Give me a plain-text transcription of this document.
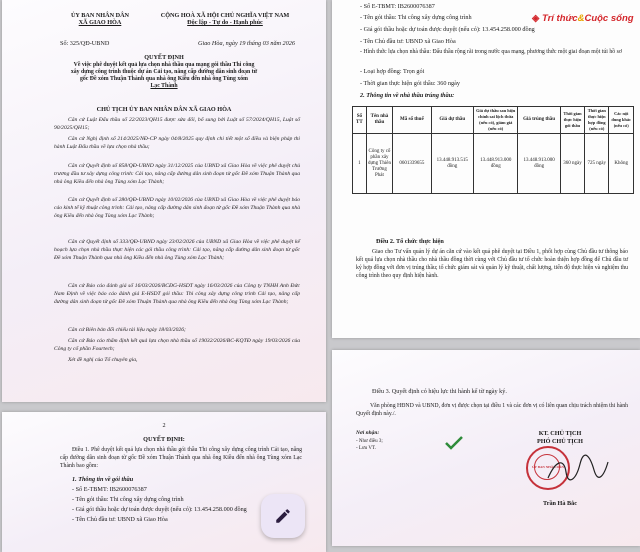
ỦY BAN NHÂN DÂN
XÃ GIAO HÒA
CỘNG HOÀ XÃ HỘI CHỦ NGHĨA VIỆT NAM
Độc lập - Tự do - Hạnh phúc
Số: 325/QĐ-UBND	Giao Hòa, ngày 19 tháng 03 năm 2026
QUYẾT ĐỊNH
Về việc phê duyệt kết quả lựa chọn nhà thầu qua mạng gói thầu Thi công
xây dựng công trình thuộc dự án Cải tạo, nâng cấp đường dân sinh đoạn từ
gốc Đề xóm Thuận Thành qua nhà ông Kiều đến nhà ông Tùng xóm
Lạc Thành
CHỦ TỊCH ỦY BAN NHÂN DÂN XÃ GIAO HÒA
Căn cứ Luật Đấu thầu số 22/2023/QH15 được sửa đổi, bổ sung bởi Luật số 57/2024/QH15, Luật số 90/2025/QH15;
Căn cứ Nghị định số 214/2025/NĐ-CP ngày 04/8/2025 quy định chi tiết một số điều và biện pháp thi hành Luật Đấu thầu về lựa chọn nhà thầu;
Căn cứ Quyết định số 858/QĐ-UBND ngày 31/12/2025 của UBND xã Giao Hòa về việc phê duyệt chủ trương đầu tư xây dựng công trình: Cải tạo, nâng cấp đường dân sinh đoạn từ gốc Đề xóm Thuận Thành qua nhà ông Kiều đến nhà ông Tùng xóm Lạc Thành;
Căn cứ Quyết định số 280/QĐ-UBND ngày 10/02/2026 của UBND xã Giao Hòa về việc phê duyệt báo cáo kinh tế kỹ thuật công trình: Cải tạo, nâng cấp đường dân sinh đoạn từ gốc Đề xóm Thuận Thành qua nhà ông Kiều đến nhà ông Tùng xóm Lạc Thành;
Căn cứ Quyết định số 333/QĐ-UBND ngày 23/02/2026 của UBND xã Giao Hòa về việc phê duyệt kế hoạch lựa chọn nhà thầu thực hiện các gói thầu công trình: Cải tạo, nâng cấp đường dân sinh đoạn từ gốc Đề xóm Thuận Thành qua nhà ông Kiều đến nhà ông Tùng xóm Lạc Thành;
Căn cứ Báo cáo đánh giá số 16/03/2026/BCĐG-HSDT ngày 16/03/2026 của Công ty TNHH Anh Đức Nam Định về việc báo cáo đánh giá E-HSDT gói thầu: Thi công xây dựng công trình Cải tạo, nâng cấp đường dân sinh đoạn từ gốc Đề xóm Thuận Thành qua nhà ông Kiều đến nhà ông Tùng xóm Lạc Thành;
Căn cứ Biên bản đối chiếu tài liệu ngày 18/03/2026;
Căn cứ Báo cáo thẩm định kết quả lựa chọn nhà thầu số 19032/2026/BC-KQTĐ ngày 19/03/2026 của Công ty cổ phần Fourtech;
Xét đề nghị của Tổ chuyên gia,
2
QUYẾT ĐỊNH:
Điều 1. Phê duyệt kết quả lựa chọn nhà thầu gói thầu Thi công xây dựng công trình Cải tạo, nâng cấp đường dân sinh đoạn từ gốc Đề xóm Thuận Thành qua nhà ông Kiều đến nhà ông Tùng xóm Lạc Thành bao gồm:
1. Thông tin về gói thầu
- Số E-TBMT: IB2600076387
- Tên gói thầu: Thi công xây dựng công trình
- Giá gói thầu hoặc dự toán được duyệt (nếu có): 13.454.258.000 đồng
- Tên Chủ đầu tư: UBND xã Giao Hòa
- Số E-TBMT: IB2600076387
- Tên gói thầu: Thi công xây dựng công trình
- Giá gói thầu hoặc dự toán được duyệt (nếu có): 13.454.258.000 đồng
- Tên Chủ đầu tư: UBND xã Giao Hòa
- Hình thức lựa chọn nhà thầu: Đấu thầu rộng rãi trong nước qua mạng, phương thức một giai đoạn một túi hồ sơ
- Loại hợp đồng: Trọn gói
- Thời gian thực hiện gói thầu: 360 ngày
2. Thông tin về nhà thầu trúng thầu:
Số TT	Tên nhà thầu	Mã số thuế	Giá dự thầu	Giá dự thầu sau hiệu chỉnh sai lệch thừa (nếu có), giảm giá (nếu có)	Giá trúng thầu	Thời gian thực hiện gói thầu	Thời gian thực hiện hợp đồng (nếu có)	Các nội dung khác (nếu có)
1	Công ty cổ phần xây dựng Thiên Trường Phát	0601339655	13.448.913.515 đồng	13.448.913.000 đồng	13.448.913.000 đồng	360 ngày	725 ngày	Không
Điều 2. Tổ chức thực hiện
Giao cho Tư vấn quản lý dự án căn cứ vào kết quả phê duyệt tại Điều 1, phối hợp cùng Chủ đầu tư thông báo kết quả lựa chọn nhà thầu cho nhà thầu đồng thời cùng với Chủ đầu tư tổ chức hoàn thiện hợp đồng để Chủ đầu tư ký hợp đồng với đơn vị trúng thầu; tổ chức giám sát và quản lý kỹ thuật, chất lượng, tiến độ thực hiện và nghiệm thu công trình theo quy định hiện hành.
◈ Trí thức&Cuộc sống
Điều 3. Quyết định có hiệu lực thi hành kể từ ngày ký.
Văn phòng HĐND và UBND, đơn vị được chọn tại điều 1 và các đơn vị có liên quan chịu trách nhiệm thi hành Quyết định này./.
Nơi nhận:
- Như điều 3;
- Lưu VT.
KT. CHỦ TỊCH
PHÓ CHỦ TỊCH
ỦY BAN NHÂN DÂN
Trần Hà Bắc
